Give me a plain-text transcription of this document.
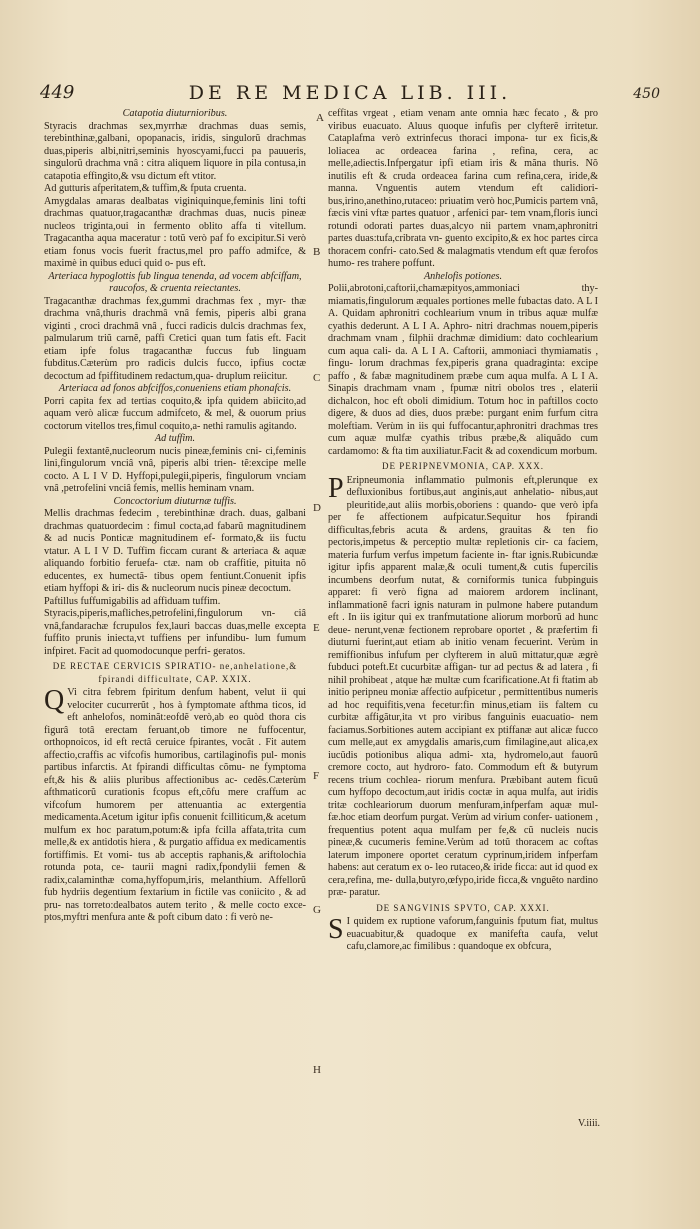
449	DE RE MEDICA LIB. III.	450

Catapotia diuturnioribus.

Styracis drachmas sex,myrrhæ drachmas duas semis, terebinthinæ,galbani, opopanacis, iridis, singulorũ drachmas duas,piperis albi,nitri,seminis hyoscyami,fucci pa pauueris, singulorũ drachma vnâ : citra aliquem liquore in pila contusa,in catapotia effingito,& vsu dictum eft vtitor.

Ad gutturis afperitatem,& tuffim,& fputa cruenta.

Amygdalas amaras dealbatas viginiquinque,feminis lini tofti drachmas quatuor,tragacanthæ drachmas duas, nucis pineæ nucleos triginta,oui in fermento oblito affa ti vitellum. Tragacantha aqua maceratur : totũ verò paf fo excipitur.Si verò etiam fonus vocis fuerit fractus,mel pro paffo admifce, & maximè in quibus educi quid o- pus eft.

Arteriaca hypoglottis fub lingua tenenda, ad vocem abfciffam, raucofos, & cruenta reiectantes.

Tragacanthæ drachmas fex,gummi drachmas fex , myr- thæ drachma vnâ,thuris drachmâ vnâ femis, piperis albi grana viginti , croci drachmâ vnâ , fucci radicis dulcis drachmas fex, palmularum triũ carnẽ, paffi Cretici quan tum fatis eft. Facit etiam ipfe folus tragacanthæ fuccus fub linguam fubditus.Cæterùm pro radicis dulcis fucco, ipfius coctæ decoctum ad fpiffitudinem redactum,qua- druplum reiicitur.

Arteriaca ad fonos abfciffos,conueniens etiam phonafcis.

Porri capita fex ad tertias coquito,& ipfa quidem abiicito,ad aquam verò alicæ fuccum admifceto, & mel, & ouorum prius coctorum vitellos tres,fimul coquito,a- nethi ramulis agitando.

Ad tuffim.

Pulegii fextantẽ,nucleorum nucis pineæ,feminis cni- ci,feminis lini,fingulorum vnciâ vnâ, piperis albi trien- tẽ:excipe melle cocto. A L I V D. Hyffopi,pulegii,piperis, fingulorum vnciam vnâ ,petrofelini vnciâ femis, mellis heminam vnam.

Concoctorium diuturnæ tuffis.

Mellis drachmas fedecim , terebinthinæ drach. duas, galbani drachmas quatuordecim : fimul cocta,ad fabarũ magnitudinem & ad nucis Ponticæ magnitudinem ef- formato,& iis fuctu vtatur. A L I V D. Tuffim ficcam curant & arteriaca & aquæ aliquando forbitio feruefa- ctæ. nam ob craffitie, pituita nõ educentes, ex humectã- tibus opem fentiunt.Conuenit ipfis etiam hyffopi & iri- dis & nucleorum nucis pineæ decoctum.

Paftillus fuffumigabilis ad affiduam tuffim.

Styracis,piperis,mafliches,petrofelini,fingulorum vn- ciâ vnâ,fandarachæ fcrupulos fex,lauri baccas duas,melle excepta fuffito prunis iniecta,vt tuffiens per infundibu- lum fumum infpiret. Facit ad quomodocunque perfri- geratos.

DE RECTAE CERVICIS SPIRATIO- ne,anhelatione,& fpirandi difficultate, CAP. XXIX.

Q Vi citra febrem fpiritum denfum habent, velut ii qui velociter cucurrerũt , hos à fymptomate afthma ticos, id eft anhelofos, nominãt:eofdẽ verò,ab eo quòd thora cis figurâ totâ erectam feruant,ob timore ne fuffocentur, orthopnoicos, id eft rectâ ceruice fpirantes, vocãt . Fit autem affectio,craffis ac vifcofis humoribus, cartilaginofis pul- monis partibus infarctis. At fpirandi difficultas cõmu- ne fymptoma eft,& his & aliis pluribus affectionibus ac- cedẽs.Cæterùm afthmaticorũ curationis fcopus eft,cõfu mere craffum ac vifcofum humorem per attenuantia ac extergentia medicamenta.Acetum igitur ipfis conuenit fcilliticum,& acetum mulfum ex hoc paratum,potum:& ipfa fcilla affata,trita cum melle,& ex antidotis hiera , & purgatio affidua ex medicamentis fortiffimis. Et vomi- tus ab acceptis raphanis,& ariftolochia rotunda pota, ce- taurii magni radix,fpondylii femen & radix,calaminthæ coma,hyffopum,iris, melanthium. Affellorũ fub hydriis degentium fextarium in fictile vas coniicito , & ad pru- nas torreto:dealbatos autem terito , & melle cocto exce- ptos,myftri menfura ante & poft cibum dato : fi verò ne-

ceffitas vrgeat , etiam venam ante omnia hæc fecato , & pro viribus euacuato. Aluus quoque infufis per clyfterẽ irritetur. Cataplafma verò extrinfecus thoraci impona- tur ex ficis,& loliacea ac ordeacea farina , refina, cera, ac melle,adiectis.Infpergatur ipfi etiam iris & mãna thuris. Nõ inutilis eft & cruda ordeacea farina cum refina,cera, iride,& manna. Vnguentis autem vtendum eft calidiori- bus,irino,anethino,rutaceo: priuatim verò hoc,Pumicis partem vnâ, fæcis vini vftæ partes quatuor , arfenici par- tem vnam,floris iunci rotundi odorati partes duas,alcyo nii partem vnam,aphronitri partes duas:tufa,cribrata vn- guento excipito,& ex hoc partes circa thoracem confri- cato.Sed & malagmatis vtendum eft quæ ferofos humo- res trahere poffunt.

Anhelofis potiones.

Polii,abrotoni,caftorii,chamæpityos,ammoniaci thy- miamatis,fingulorum æquales portiones melle fubactas dato. A L I A. Quidam aphronitri cochlearium vnum in tribus aquæ mulfæ cyathis dederunt. A L I A. Aphro- nitri drachmas nouem,piperis drachmam vnam , filphii drachmæ dimidium: dato cochlearium cum aqua cali- da. A L I A. Caftorii, ammoniaci thymiamatis , fingu- lorum drachmas fex,piperis grana quadraginta: excipe paffo , & fabæ magnitudinem præbe cum aqua mulfa. A L I A. Sinapis drachmam vnam , fpumæ nitri obolos tres , elaterii dichalcon, hoc eft oboli dimidium. Totum hoc in paftillos cocto digere, & duos ad dies, duos præbe: purgant enim furfum citra moleftiam. Verùm in iis qui fuffocantur,aphronitri drachmas tres cum aquæ mulfæ cyathis tribus præbe,& aliquãdo cum cardamomo: & fta tim auxiliatur.Facit & ad coxendicum morbum.

DE PERIPNEVMONIA, CAP. XXX.

P Eripneumonia inflammatio pulmonis eft,plerunque ex defluxionibus fortibus,aut anginis,aut anhelatio- nibus,aut pleuritide,aut aliis morbis,oboriens : quando- que verò ipfa per fe affectionem aufpicatur.Sequitur hos fpirandi difficultas,febris acuta & ardens, grauitas & ten fio pectoris,impetus & perceptio multæ repletionis cir- ca faciem, materia furfum verfus impetum faciente in- ftar ignis.Rubicundæ igitur ipfis apparent malæ,& oculi tument,& cutis fupercilis incumbens deorfum nutat, & corniformis tunica fubpinguis apparet: fi verò figna ad maiorem ardorem inclinant, inflammationẽ facri ignis naturam in pulmone habere putandum eft . In iis igitur qui ex tranfmutatione aliorum morborũ ad hunc deue- nerunt,venæ fectionem reprobare oportet , & præfertim fi diuturni fuerint,aut etiam ab initio venam fecuerint. Verùm in remiffionibus infufum per clyfterem in aluũ mittatur,quæ ægrè fubduci poteft.Et cucurbitæ affigan- tur ad pectus & ad latera , fi nihil prohibeat , atque hæ multæ cum fcarificatione.At fi ftatim ab initio peripneu moniæ affectio aufpicetur , permittentibus numeris ad hoc requifitis,vena fecetur:fin minus,etiam iis faltem cu curbitæ affigãtur,ita vt pro viribus fanguinis euacuatio- nem faciamus.Sorbitiones autem accipiant ex ptiffanæ aut alicæ fucco cum melle,aut ex amygdalis amaris,cum fimilagine,aut alica,ex iucũdis potionibus aliqua admi- xta, hydromelo,aut fauorũ cremore cocto, aut hydroro- fato. Commodum eft & butyrum recens trium cochlea- riorum menfura. Præbibant autem ficuũ cum hyffopo decoctum,aut iridis coctæ in aqua mulfa, aut iridis tritæ cochleariorum duorum menfuram,infperfam aquæ mul- fæ.hoc etiam deorfum purgat. Verùm ad virium confer- uationem , frequentius potent aqua mulfam per fe,& cũ nucleis nucis pineæ,& cucumeris femine.Verùm ad totũ thoracem ac coftas laterum imponere oportet ceratum cyprinum,iridem infperfam habens: aut ceratum ex o- leo rutaceo,& iride ficca: aut id quod ex cera,refina, me- dulla,butyro,œfypo,iride ficca,& vnguẽto nardino præ- paratur.

DE SANGVINIS SPVTO, CAP. XXXI.

S I quidem ex ruptione vaforum,fanguinis fputum fiat, multus euacuabitur,& quadoque ex manifefta caufa, velut cafu,clamore,ac fimilibus : quandoque ex obfcura,

A
B
C
D
E
F
G
H
V.iiii.
